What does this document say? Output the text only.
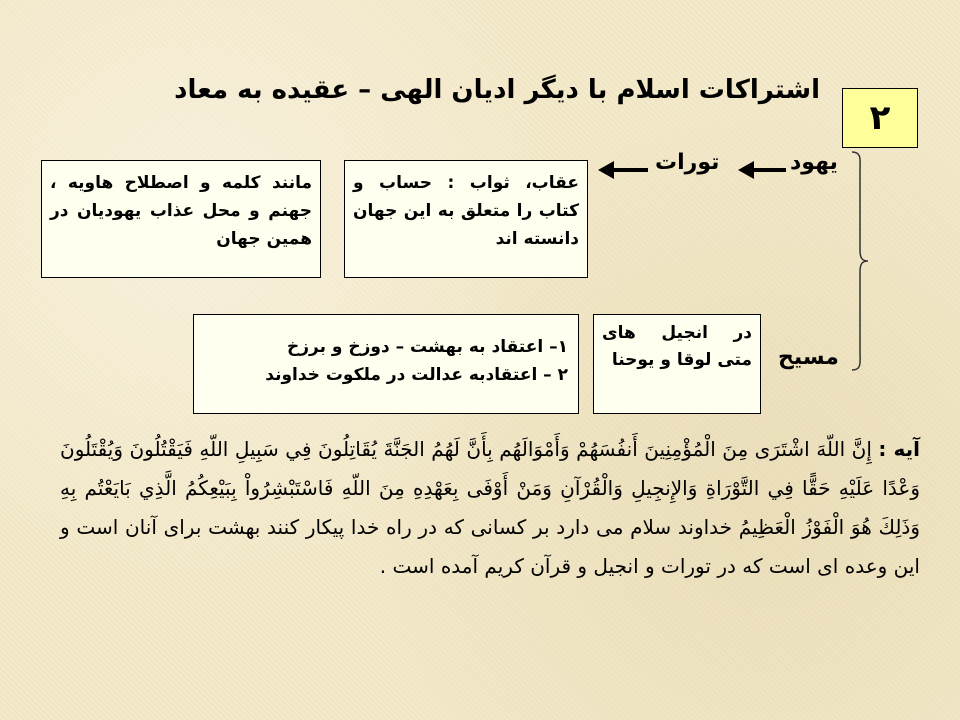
اشتراکات اسلام با دیگر ادیان الهی – عقیده به معاد
۲
یهود
تورات
عقاب، ثواب : حساب و کتاب را متعلق به این جهان دانسته اند
مانند کلمه و اصطلاح هاویه ، جهنم و محل عذاب یهودیان در همین جهان
مسیح
در انجیل های متی لوقا و یوحنا
۱– اعتقاد به بهشت – دوزخ و برزخ
۲ – اعتقادبه عدالت در ملکوت خداوند
آیه : إِنَّ اللّهَ اشْتَرَى مِنَ الْمُؤْمِنِينَ أَنفُسَهُمْ وَأَمْوَالَهُم بِأَنَّ لَهُمُ الجَنَّةَ يُقَاتِلُونَ فِي سَبِيلِ اللّهِ فَيَقْتُلُونَ وَيُقْتَلُونَ وَعْدًا عَلَيْهِ حَقًّا فِي التَّوْرَاةِ وَالإِنجِيلِ وَالْقُرْآنِ وَمَنْ أَوْفَى بِعَهْدِهِ مِنَ اللّهِ فَاسْتَبْشِرُواْ بِبَيْعِكُمُ الَّذِي بَايَعْتُم بِهِ وَذَلِكَ هُوَ الْفَوْزُ الْعَظِيمُ خداوند سلام می دارد بر کسانی که در راه خدا پیکار کنند بهشت برای آنان است و این وعده ای است که در تورات و انجیل و قرآن کریم آمده است .
